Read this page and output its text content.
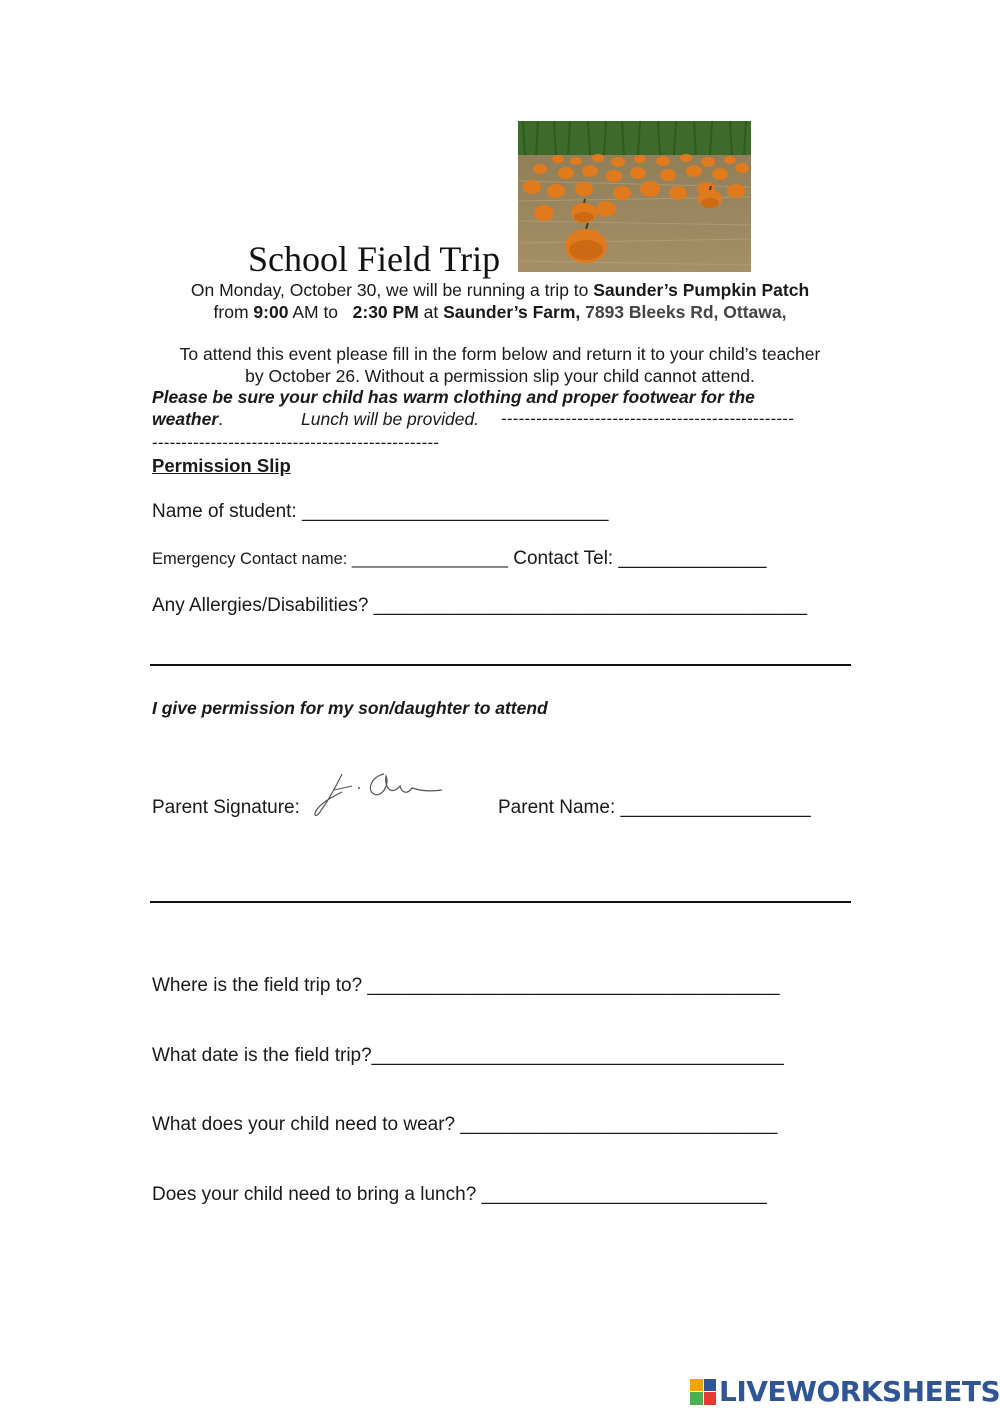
School Field Trip
On Monday, October 30, we will be running a trip to Saunder’s Pumpkin Patch
from 9:00 AM to   2:30 PM at Saunder’s Farm, 7893 Bleeks Rd, Ottawa,
To attend this event please fill in the form below and return it to your child’s teacher
by October 26. Without a permission slip your child cannot attend.
Please be sure your child has warm clothing and proper footwear for the
weather.	Lunch will be provided. --------------------------------------------------
-------------------------------------------------
Permission Slip
Name of student: _____________________________
Emergency Contact name: _________________ Contact Tel: ______________
Any Allergies/Disabilities? _________________________________________
I give permission for my son/daughter to attend
Parent Signature:	Parent Name: __________________
Where is the field trip to? _______________________________________
What date is the field trip?_______________________________________
What does your child need to wear? ______________________________
Does your child need to bring a lunch? ___________________________
LIVEWORKSHEETS
